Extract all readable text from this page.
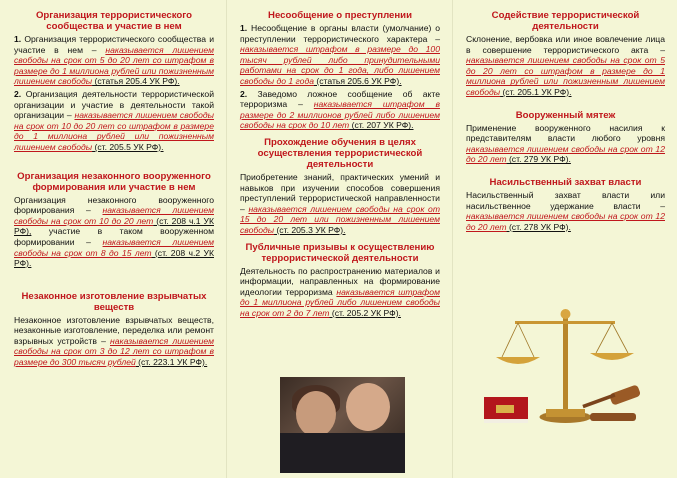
Организация террористического сообщества и участие в нем

1. Организация террористического сообщества и участие в нем – наказывается лишением свободы на срок от 5 до 20 лет со штрафом в размере до 1 миллиона рублей или пожизненным лишением свободы (статья 205.4 УК РФ).

2. Организация деятельности террористической организации и участие в деятельности такой организации – наказывается лишением свободы на срок от 10 до 20 лет со штрафом в размере до 1 миллиона рублей или пожизненным лишением свободы (ст. 205.5 УК РФ).

Организация незаконного вооруженного формирования или участие в нем

Организация незаконного вооруженного формирования – наказывается лишением свободы на срок от 10 до 20 лет (ст. 208 ч.1 УК РФ), участие в таком вооруженном формировании – наказывается лишением свободы на срок от 8 до 15 лет (ст. 208 ч.2 УК РФ).

Незаконное изготовление взрывчатых веществ

Незаконное изготовление взрывчатых веществ, незаконные изготовление, переделка или ремонт взрывных устройств – наказывается лишением свободы на срок от 3 до 12 лет со штрафом в размере до 300 тысяч рублей (ст. 223.1 УК РФ).

Несообщение о преступлении

1. Несообщение в органы власти (умолчание) о преступлении террористического характера – наказывается штрафом в размере до 100 тысяч рублей либо принудительными работами на срок до 1 года, либо лишением свободы до 1 года (статья 205.6 УК РФ).

2. Заведомо ложное сообщение об акте терроризма – наказывается штрафом в размере до 2 миллионов рублей либо лишением свободы на срок до 10 лет (ст. 207 УК РФ).

Прохождение обучения в целях осуществления террористической деятельности

Приобретение знаний, практических умений и навыков при изучении способов совершения преступлений террористической направленности – наказывается лишением свободы на срок от 15 до 20 лет или пожизненным лишением свободы (ст. 205.3 УК РФ).

Публичные призывы к осуществлению террористической деятельности

Деятельность по распространению материалов и информации, направленных на формирование идеологии терроризма наказывается штрафом до 1 миллиона рублей либо лишением свободы на срок от 2 до 7 лет (ст. 205.2 УК РФ).

Содействие террористической деятельности

Склонение, вербовка или иное вовлечение лица в совершение террористического акта – наказывается лишением свободы на срок от 5 до 20 лет со штрафом в размере до 1 миллиона рублей или пожизненным лишением свободы (ст. 205.1 УК РФ).

Вооруженный мятеж

Применение вооруженного насилия к представителям власти любого уровня наказывается лишением свободы на срок от 12 до 20 лет (ст. 279 УК РФ).

Насильственный захват власти

Насильственный захват власти или насильственное удержание власти – наказывается лишением свободы на срок от 12 до 20 лет (ст. 278 УК РФ).
